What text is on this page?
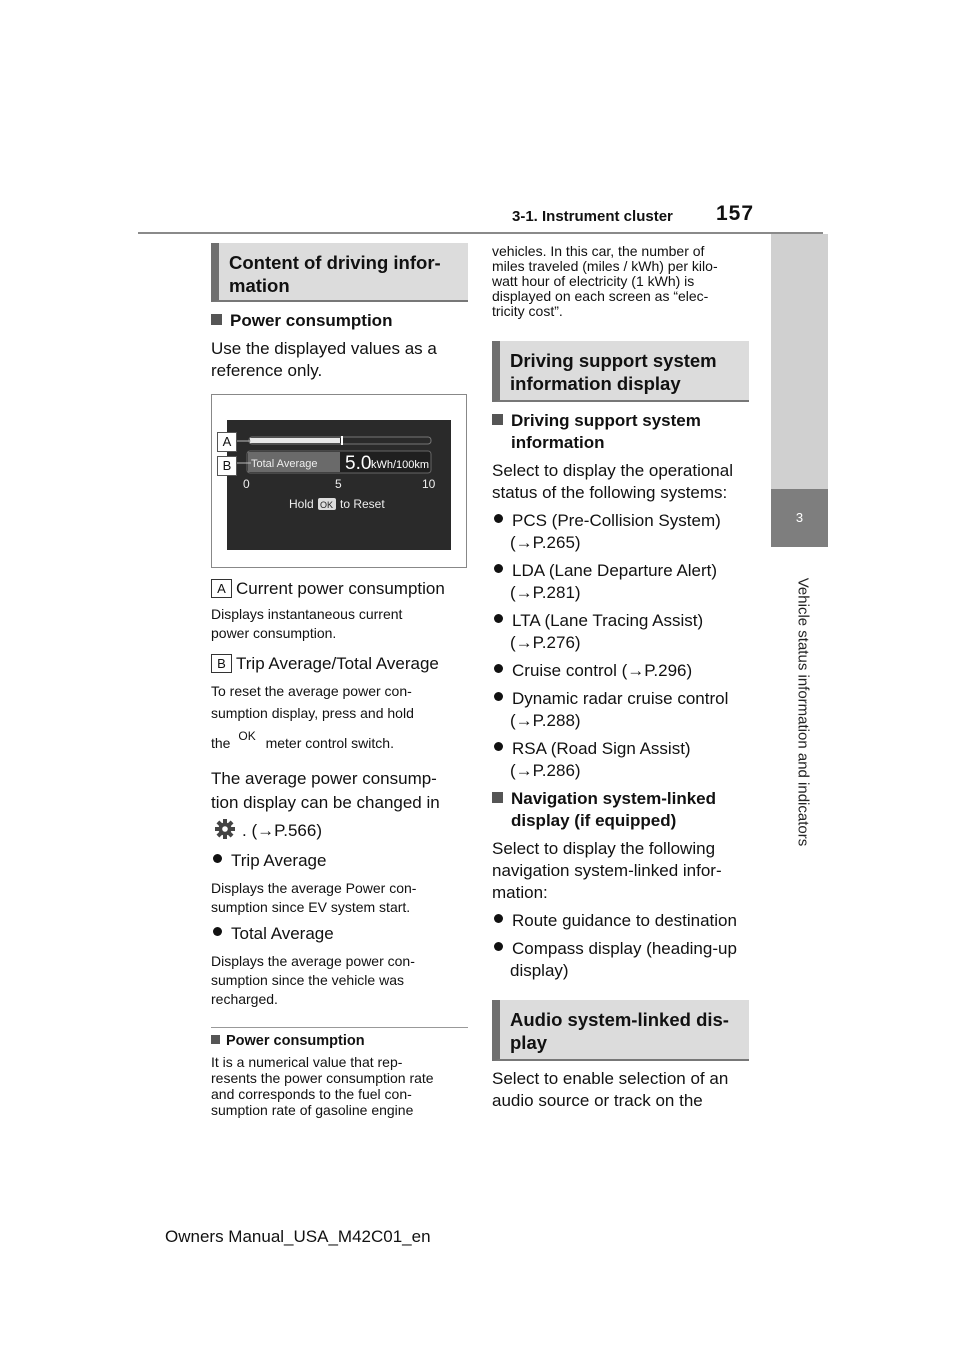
3-1. Instrument cluster 157
3
Vehicle status information and indicators
Content of driving infor-
mation
Power consumption
Use the displayed values as a
reference only.
Total Average 5.0 kWh/100km
0	5	10
Hold OK to Reset
A
B
A Current power consumption
Displays instantaneous current
power consumption.
B Trip Average/Total Average
To reset the average power con-
sumption display, press and hold
the OK meter control switch.
The average power consump-
tion display can be changed in
. (→P.566)
Trip Average
Displays the average Power con-
sumption since EV system start.
Total Average
Displays the average power con-
sumption since the vehicle was
recharged.
Power consumption
It is a numerical value that rep-
resents the power consumption rate
and corresponds to the fuel con-
sumption rate of gasoline engine
vehicles. In this car, the number of
miles traveled (miles / kWh) per kilo-
watt hour of electricity (1 kWh) is
displayed on each screen as “elec-
tricity cost”.
Driving support system
information display
Driving support system
information
Select to display the operational
status of the following systems:
PCS (Pre-Collision System)
(→P.265)
LDA (Lane Departure Alert)
(→P.281)
LTA (Lane Tracing Assist)
(→P.276)
Cruise control (→P.296)
Dynamic radar cruise control
(→P.288)
RSA (Road Sign Assist)
(→P.286)
Navigation system-linked
display (if equipped)
Select to display the following
navigation system-linked infor-
mation:
Route guidance to destination
Compass display (heading-up
display)
Audio system-linked dis-
play
Select to enable selection of an
audio source or track on the
Owners Manual_USA_M42C01_en
